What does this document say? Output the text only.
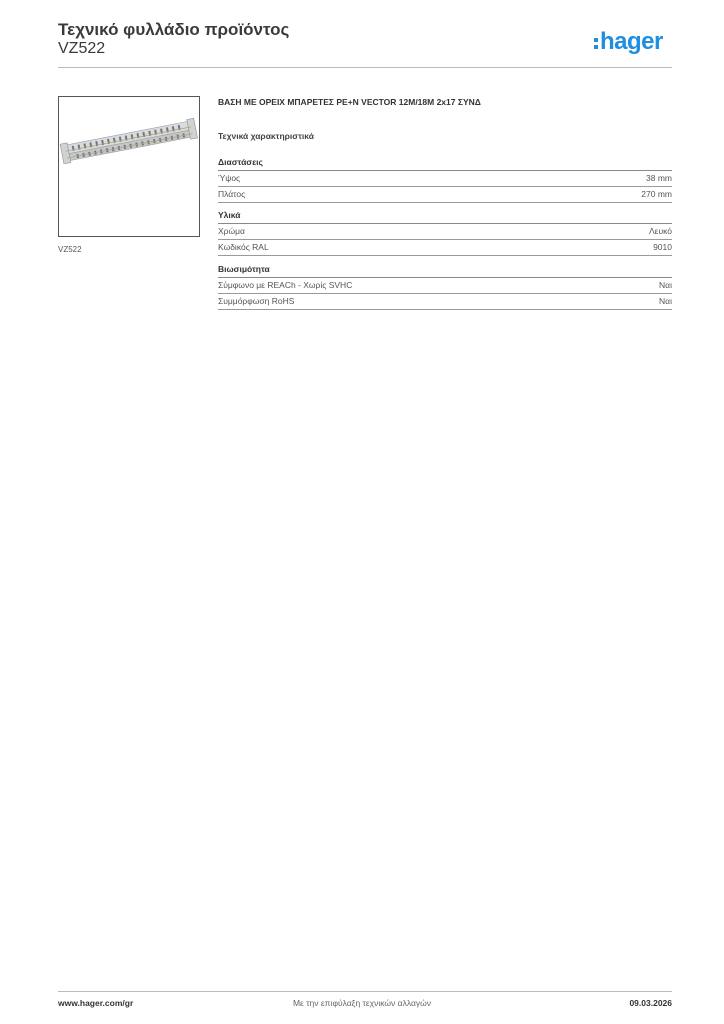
Τεχνικό φυλλάδιο προϊόντος
VZ522	hager
VZ522
ΒΑΣΗ ΜΕ ΟΡΕΙΧ ΜΠΑΡΕΤΕΣ PE+N VECTOR 12M/18M 2x17 ΣΥΝΔ
Τεχνικά χαρακτηριστικά
Διαστάσεις
Ύψος	38 mm
Πλάτος	270 mm
Υλικά
Χρώμα	Λευκό
Κωδικός RAL	9010
Βιωσιμότητα
Σύμφωνο με REACh - Χωρίς SVHC	Ναι
Συμμόρφωση RoHS	Ναι
www.hager.com/gr	Με την επιφύλαξη τεχνικών αλλαγών	09.03.2026
